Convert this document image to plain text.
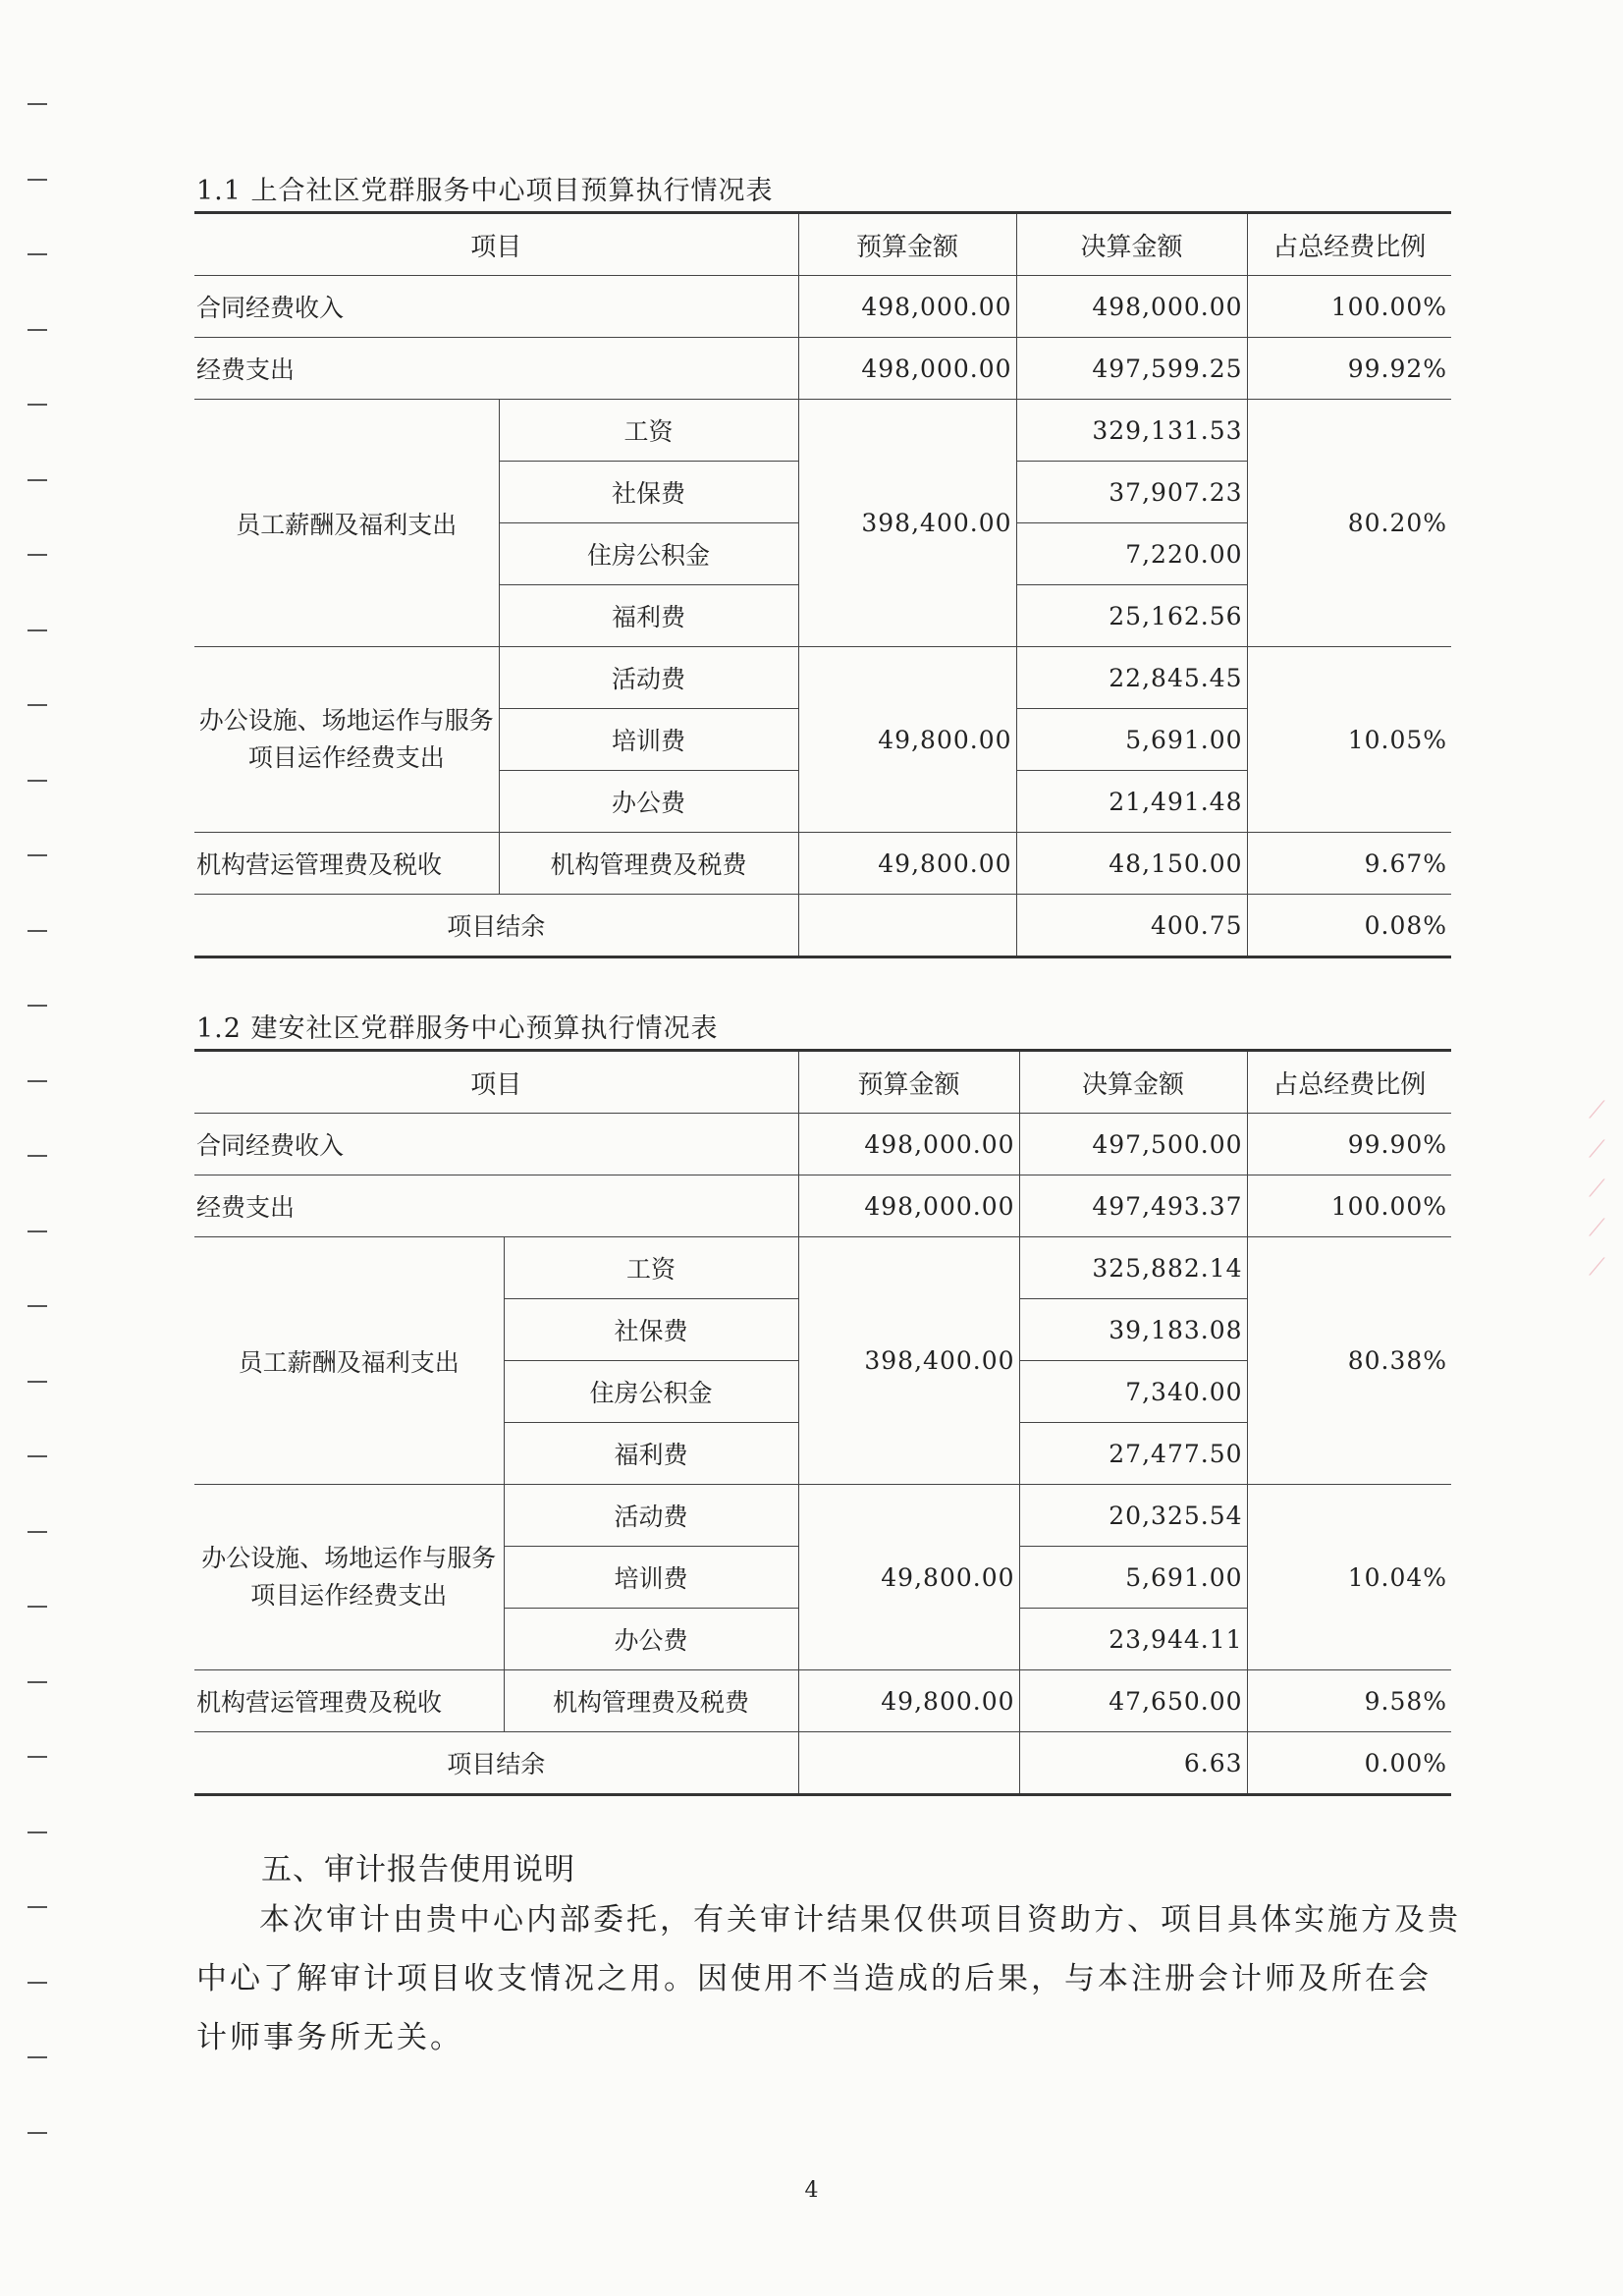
⟋
⟋
⟋
⟋
⟋
1.1 上合社区党群服务中心项目预算执行情况表
项目		预算金额	决算金额	占总经费比例
合同经费收入		498,000.00	498,000.00	100.00%
经费支出		498,000.00	497,599.25	99.92%
员工薪酬及福利支出	工资	398,400.00	329,131.53	80.20%
	社保费		37,907.23	
	住房公积金		7,220.00	
	福利费		25,162.56	
办公设施、场地运作与服务项目运作经费支出	活动费	49,800.00	22,845.45	10.05%
	培训费		5,691.00	
	办公费		21,491.48	
机构营运管理费及税收	机构管理费及税费	49,800.00	48,150.00	9.67%
项目结余			400.75	0.08%
1.2 建安社区党群服务中心预算执行情况表
项目		预算金额	决算金额	占总经费比例
合同经费收入		498,000.00	497,500.00	99.90%
经费支出		498,000.00	497,493.37	100.00%
员工薪酬及福利支出	工资	398,400.00	325,882.14	80.38%
	社保费		39,183.08	
	住房公积金		7,340.00	
	福利费		27,477.50	
办公设施、场地运作与服务项目运作经费支出	活动费	49,800.00	20,325.54	10.04%
	培训费		5,691.00	
	办公费		23,944.11	
机构营运管理费及税收	机构管理费及税费	49,800.00	47,650.00	9.58%
项目结余			6.63	0.00%
五、审计报告使用说明
本次审计由贵中心内部委托，有关审计结果仅供项目资助方、项目具体实施方及贵中心了解审计项目收支情况之用。因使用不当造成的后果，与本注册会计师及所在会计师事务所无关。
4
